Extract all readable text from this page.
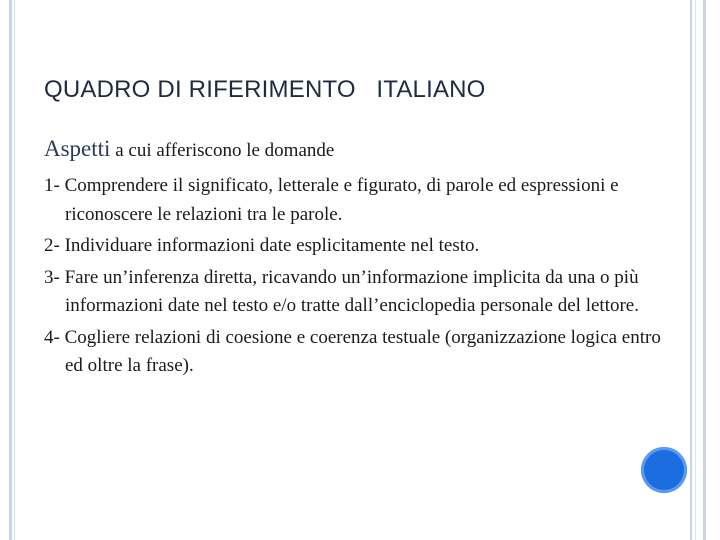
QUADRO DI RIFERIMENTO   ITALIANO

Aspetti a cui afferiscono le domande

1- Comprendere il significato, letterale e figurato, di parole ed espressioni e riconoscere le relazioni tra le parole.
2- Individuare informazioni date esplicitamente nel testo.
3- Fare un’inferenza diretta, ricavando un’informazione implicita da una o più informazioni date nel testo e/o tratte dall’enciclopedia personale del lettore.
4- Cogliere relazioni di coesione e coerenza testuale (organizzazione logica entro ed oltre la frase).
